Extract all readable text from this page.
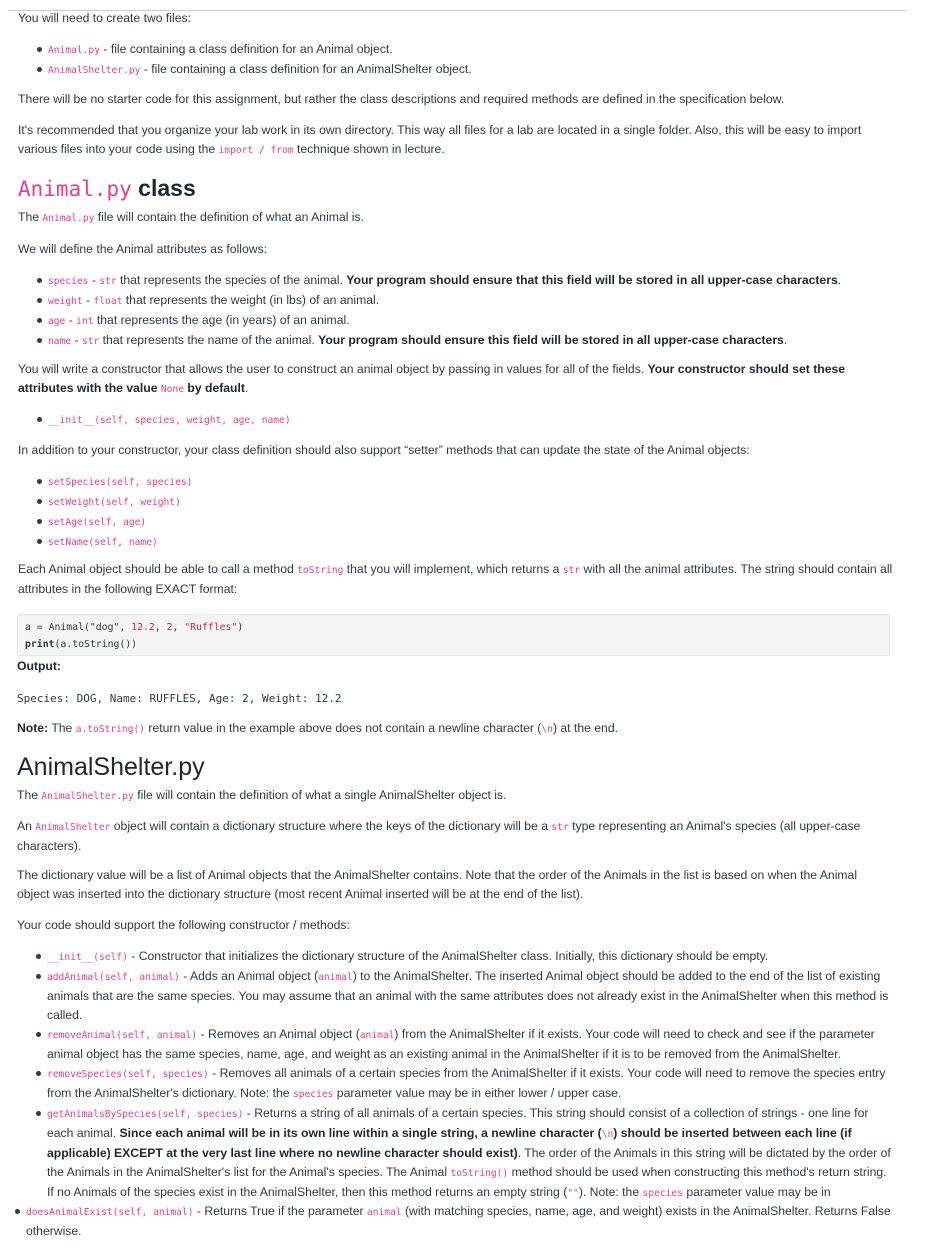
You will need to create two files:

Animal.py - file containing a class definition for an Animal object.
AnimalShelter.py - file containing a class definition for an AnimalShelter object.

There will be no starter code for this assignment, but rather the class descriptions and required methods are defined in the specification below.

It's recommended that you organize your lab work in its own directory. This way all files for a lab are located in a single folder. Also, this will be easy to import various files into your code using the import / from technique shown in lecture.

Animal.py class

The Animal.py file will contain the definition of what an Animal is.

We will define the Animal attributes as follows:

species - str that represents the species of the animal. Your program should ensure that this field will be stored in all upper-case characters.
weight - float that represents the weight (in lbs) of an animal.
age - int that represents the age (in years) of an animal.
name - str that represents the name of the animal. Your program should ensure this field will be stored in all upper-case characters.

You will write a constructor that allows the user to construct an animal object by passing in values for all of the fields. Your constructor should set these attributes with the value None by default.

__init__(self, species, weight, age, name)

In addition to your constructor, your class definition should also support “setter” methods that can update the state of the Animal objects:

setSpecies(self, species)
setWeight(self, weight)
setAge(self, age)
setName(self, name)

Each Animal object should be able to call a method toString that you will implement, which returns a str with all the animal attributes. The string should contain all attributes in the following EXACT format:

a = Animal("dog", 12.2, 2, "Ruffles")
print(a.toString())

Output:

Species: DOG, Name: RUFFLES, Age: 2, Weight: 12.2

Note: The a.toString() return value in the example above does not contain a newline character (\n) at the end.

AnimalShelter.py

The AnimalShelter.py file will contain the definition of what a single AnimalShelter object is.

An AnimalShelter object will contain a dictionary structure where the keys of the dictionary will be a str type representing an Animal's species (all upper-case characters).

The dictionary value will be a list of Animal objects that the AnimalShelter contains. Note that the order of the Animals in the list is based on when the Animal object was inserted into the dictionary structure (most recent Animal inserted will be at the end of the list).

Your code should support the following constructor / methods:

__init__(self) - Constructor that initializes the dictionary structure of the AnimalShelter class. Initially, this dictionary should be empty.
addAnimal(self, animal) - Adds an Animal object (animal) to the AnimalShelter. The inserted Animal object should be added to the end of the list of existing animals that are the same species. You may assume that an animal with the same attributes does not already exist in the AnimalShelter when this method is called.
removeAnimal(self, animal) - Removes an Animal object (animal) from the AnimalShelter if it exists. Your code will need to check and see if the parameter animal object has the same species, name, age, and weight as an existing animal in the AnimalShelter if it is to be removed from the AnimalShelter.
removeSpecies(self, species) - Removes all animals of a certain species from the AnimalShelter if it exists. Your code will need to remove the species entry from the AnimalShelter's dictionary. Note: the species parameter value may be in either lower / upper case.
getAnimalsBySpecies(self, species) - Returns a string of all animals of a certain species. This string should consist of a collection of strings - one line for each animal. Since each animal will be in its own line within a single string, a newline character (\n) should be inserted between each line (if applicable) EXCEPT at the very last line where no newline character should exist). The order of the Animals in this string will be dictated by the order of the Animals in the AnimalShelter's list for the Animal's species. The Animal toString() method should be used when constructing this method's return string. If no Animals of the species exist in the AnimalShelter, then this method returns an empty string (""). Note: the species parameter value may be in
doesAnimalExist(self, animal) - Returns True if the parameter animal (with matching species, name, age, and weight) exists in the AnimalShelter. Returns False otherwise.
